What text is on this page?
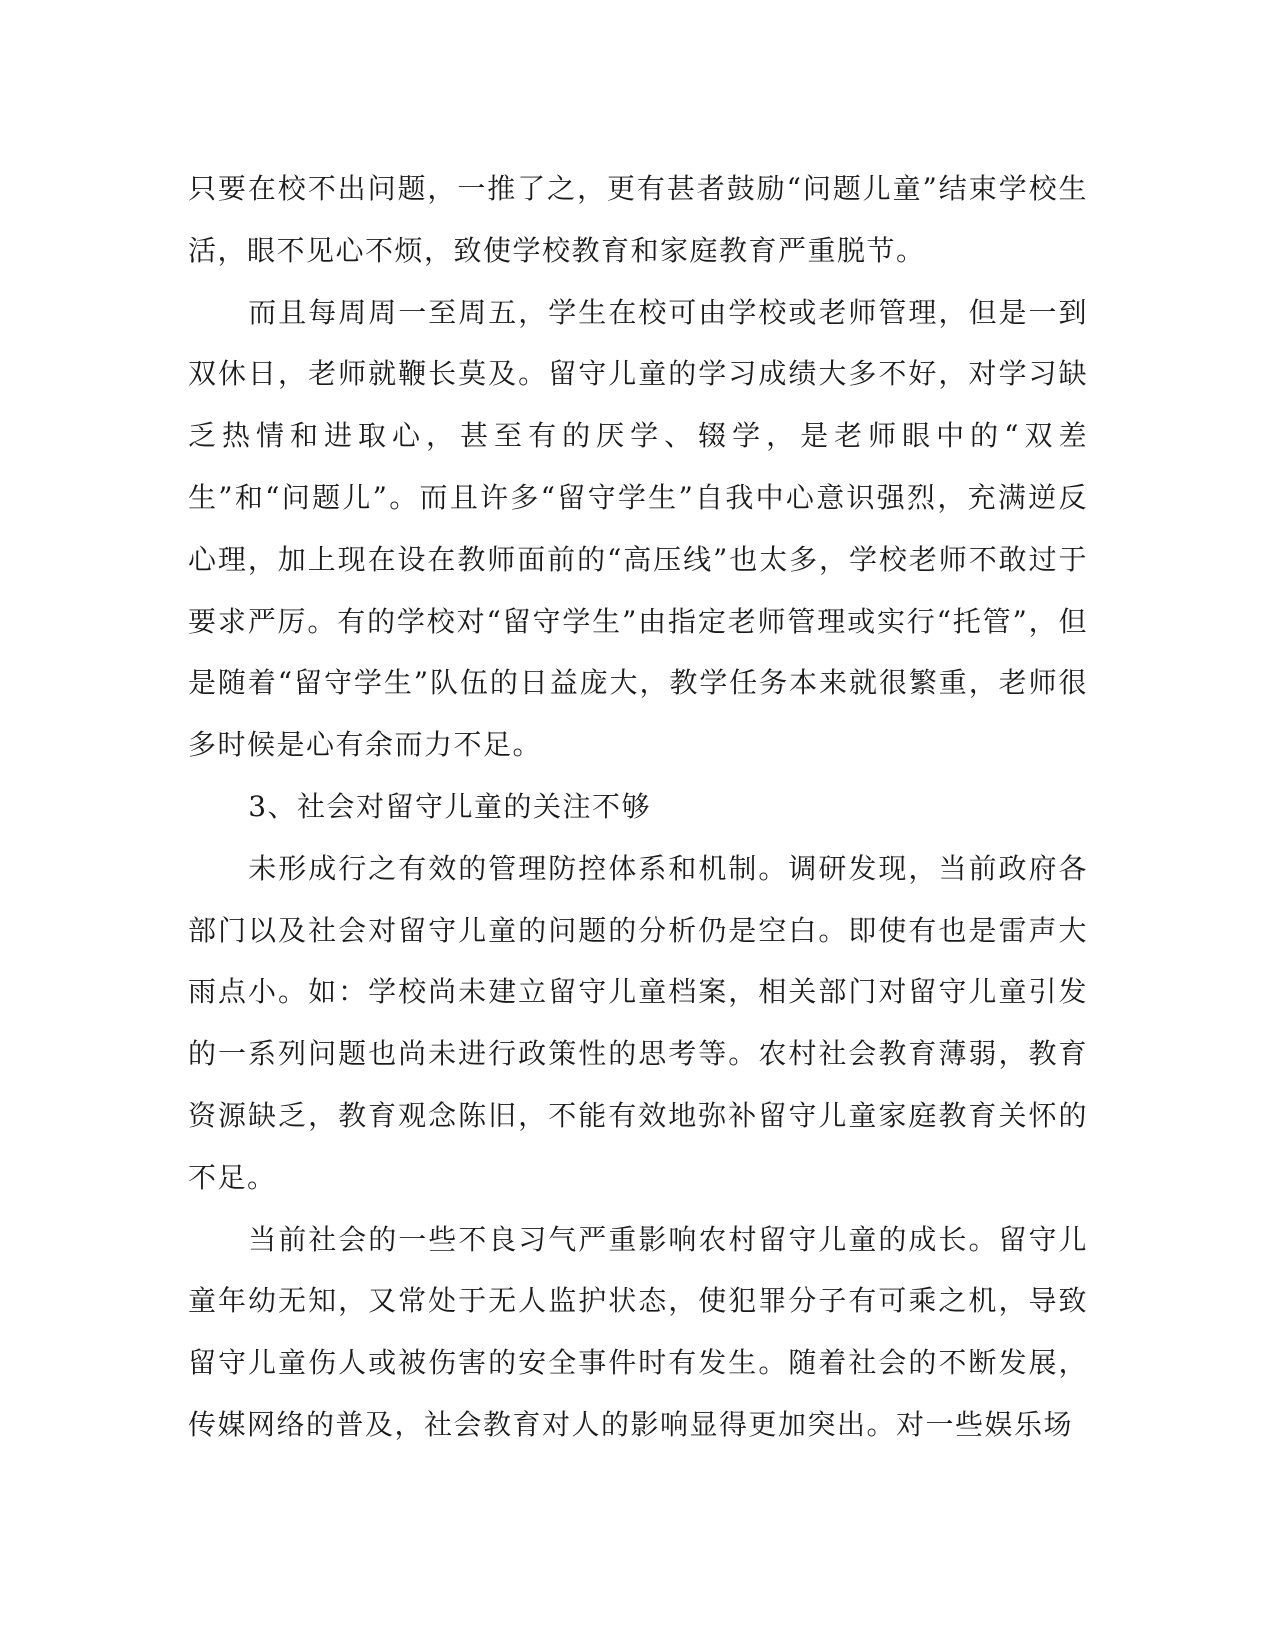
只要在校不出问题，一推了之，更有甚者鼓励“问题儿童”结束学校生活，眼不见心不烦，致使学校教育和家庭教育严重脱节。

而且每周周一至周五，学生在校可由学校或老师管理，但是一到双休日，老师就鞭长莫及。留守儿童的学习成绩大多不好，对学习缺乏热情和进取心，甚至有的厌学、辍学，是老师眼中的“双差生”和“问题儿”。而且许多“留守学生”自我中心意识强烈，充满逆反心理，加上现在设在教师面前的“高压线”也太多，学校老师不敢过于要求严厉。有的学校对“留守学生”由指定老师管理或实行“托管”，但是随着“留守学生”队伍的日益庞大，教学任务本来就很繁重，老师很多时候是心有余而力不足。

3、社会对留守儿童的关注不够

未形成行之有效的管理防控体系和机制。调研发现，当前政府各部门以及社会对留守儿童的问题的分析仍是空白。即使有也是雷声大雨点小。如：学校尚未建立留守儿童档案，相关部门对留守儿童引发的一系列问题也尚未进行政策性的思考等。农村社会教育薄弱，教育资源缺乏，教育观念陈旧，不能有效地弥补留守儿童家庭教育关怀的不足。

当前社会的一些不良习气严重影响农村留守儿童的成长。留守儿童年幼无知，又常处于无人监护状态，使犯罪分子有可乘之机，导致留守儿童伤人或被伤害的安全事件时有发生。随着社会的不断发展，传媒网络的普及，社会教育对人的影响显得更加突出。对一些娱乐场
